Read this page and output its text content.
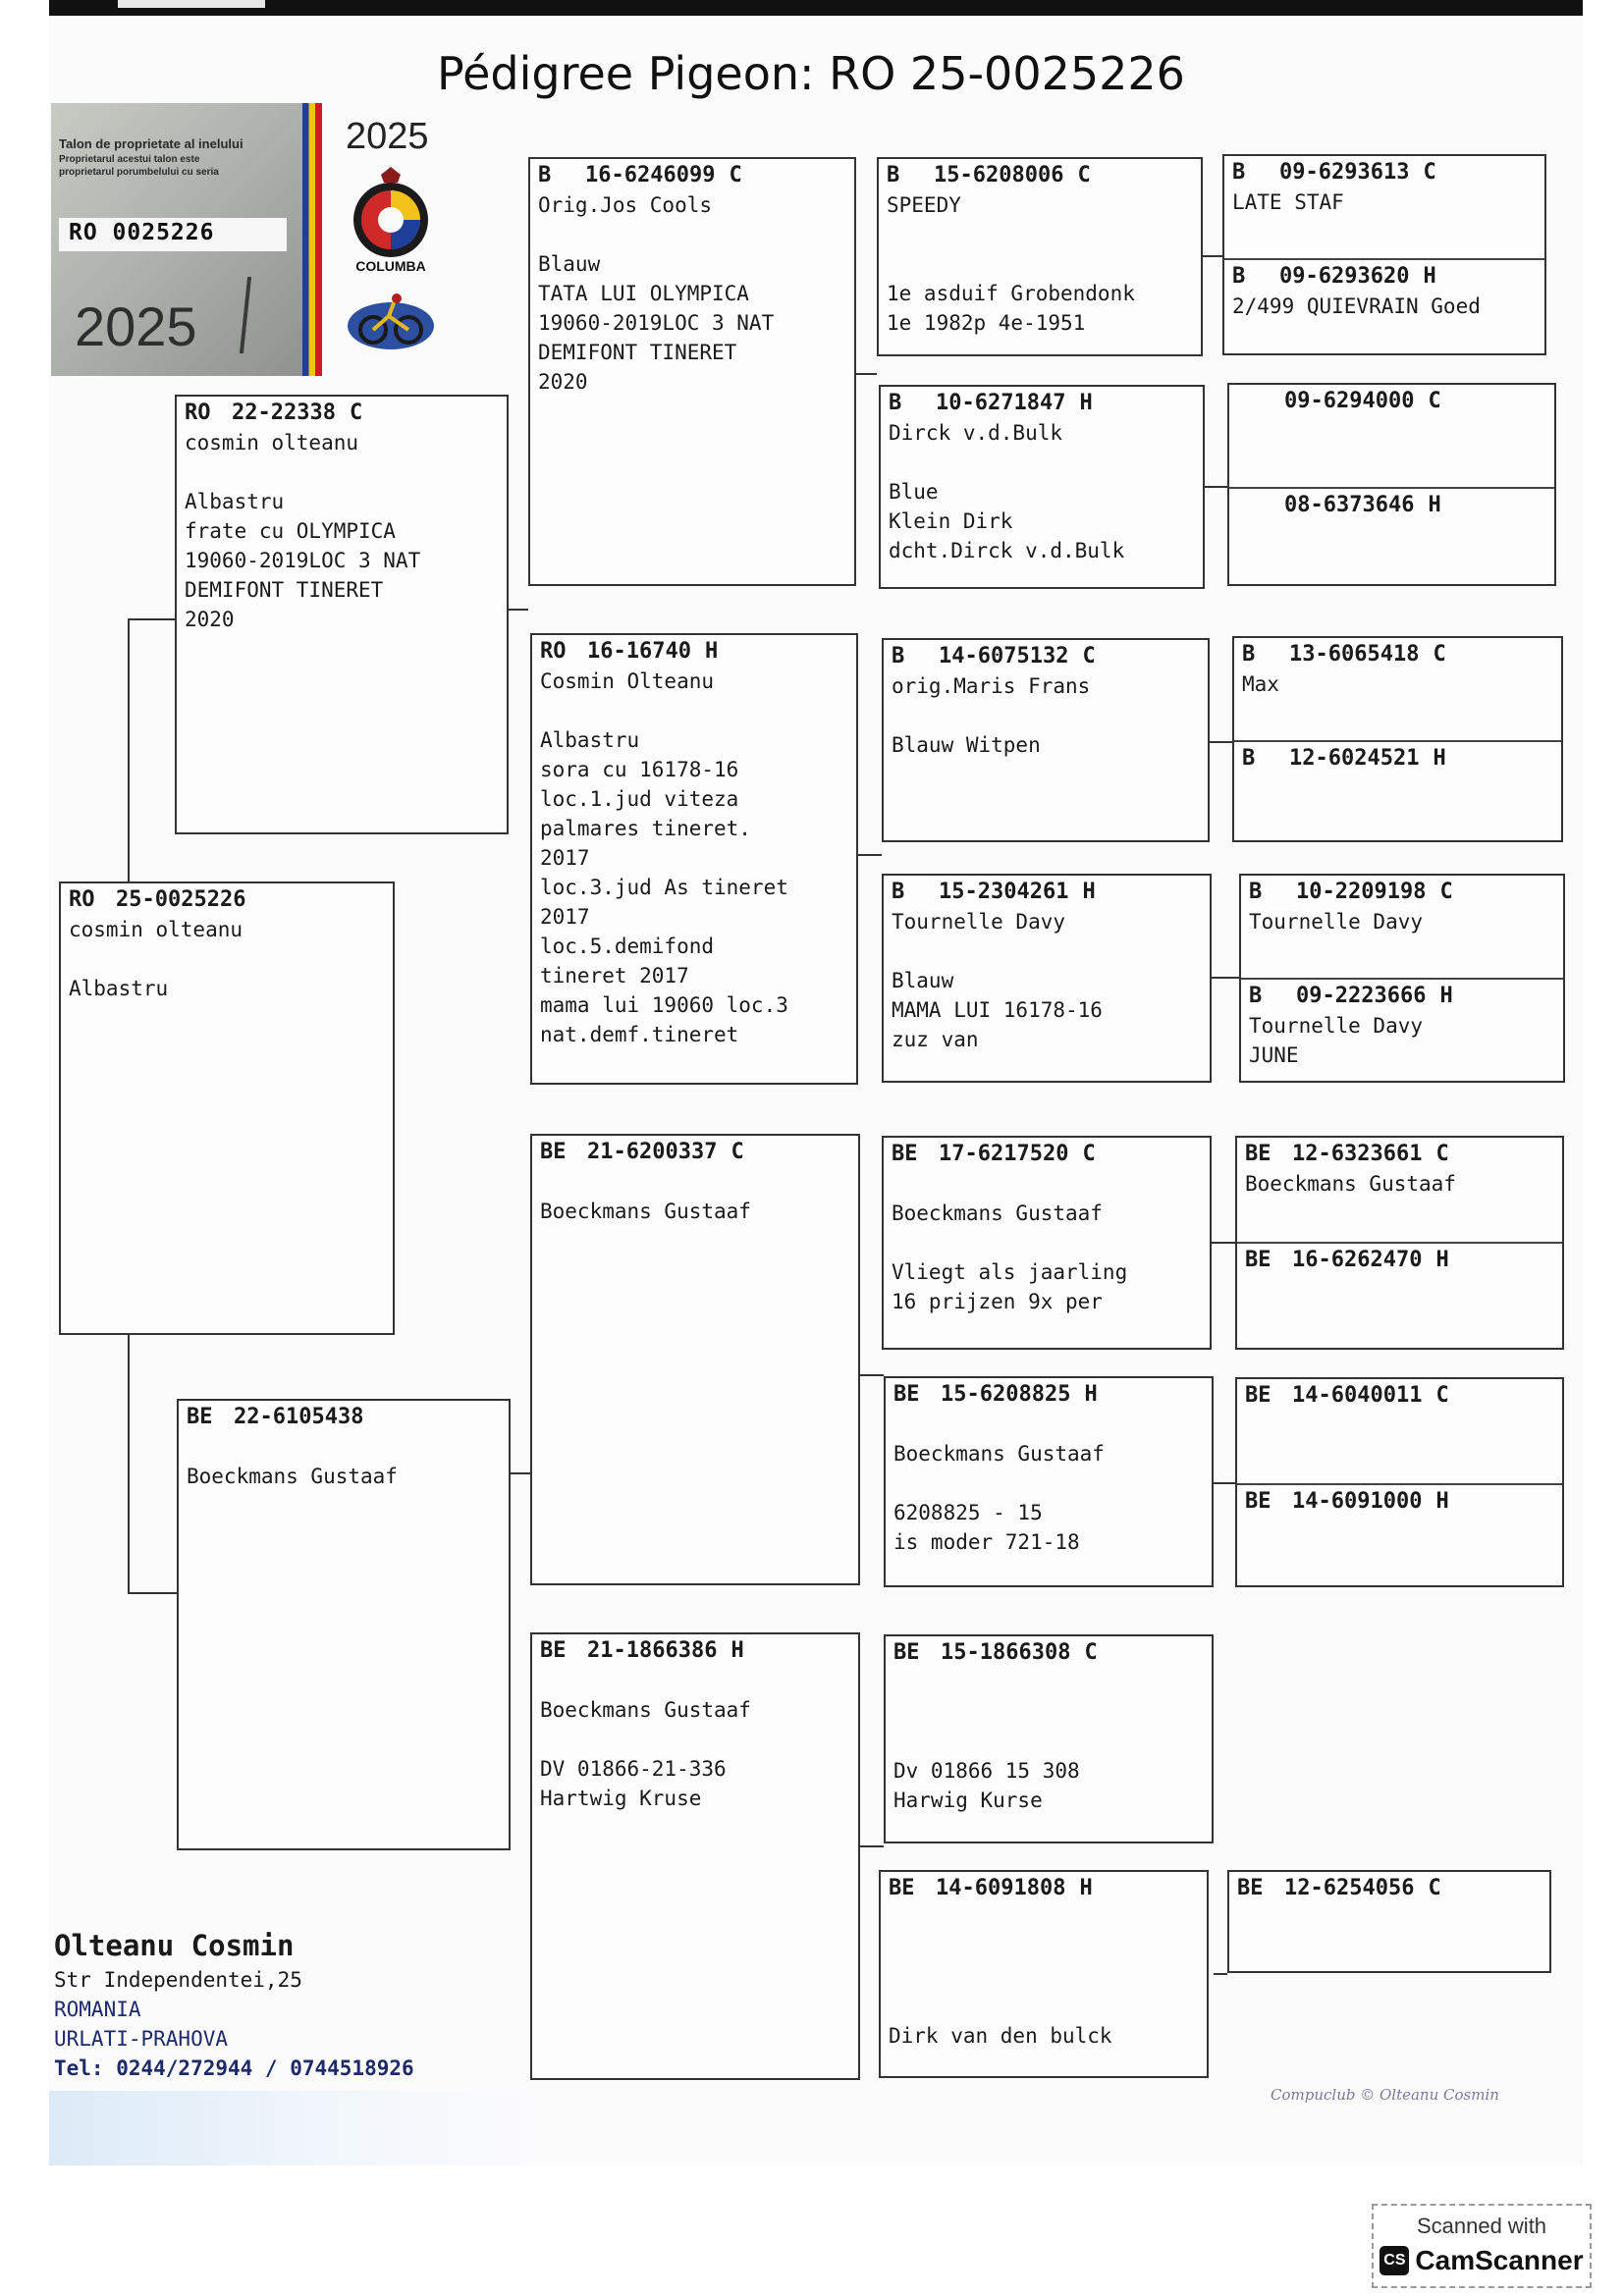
Pédigree Pigeon: RO 25-0025226
Talon de proprietate al inelului
Proprietarul acestui talon este
proprietarul porumbelului cu seria
RO 0025226
2025
2025
COLUMBA
RO 25-0025226
cosmin olteanu

Albastru
RO 22-22338 C
cosmin olteanu

Albastru
frate cu OLYMPICA
19060-2019LOC 3 NAT
DEMIFONT TINERET
2020
BE 22-6105438

Boeckmans Gustaaf
B	16-6246099 C
Orig.Jos Cools

Blauw
TATA LUI OLYMPICA
19060-2019LOC 3 NAT
DEMIFONT TINERET
2020
RO 16-16740 H
Cosmin Olteanu

Albastru
sora cu 16178-16
loc.1.jud viteza
palmares tineret.
2017
loc.3.jud As tineret
2017
loc.5.demifond
tineret 2017
mama lui 19060 loc.3
nat.demf.tineret
BE 21-6200337 C

Boeckmans Gustaaf
BE 21-1866386 H

Boeckmans Gustaaf

DV 01866-21-336
Hartwig Kruse
B	15-6208006 C
SPEEDY

1e asduif Grobendonk
1e 1982p 4e-1951
B	10-6271847 H
Dirck v.d.Bulk

Blue
Klein Dirk
dcht.Dirck v.d.Bulk
B	14-6075132 C
orig.Maris Frans

Blauw Witpen
B	15-2304261 H
Tournelle Davy

Blauw
MAMA LUI 16178-16
zuz van
BE 17-6217520 C

Boeckmans Gustaaf

Vliegt als jaarling
16 prijzen 9x per
BE 15-6208825 H

Boeckmans Gustaaf

6208825 - 15
is moder 721-18
BE 15-1866308 C

Dv 01866 15 308
Harwig Kurse
BE 14-6091808 H

Dirk van den bulck
B	09-6293613 C
LATE STAF
B	09-6293620 H
2/499 QUIEVRAIN Goed
09-6294000 C
08-6373646 H
B	13-6065418 C
Max
B	12-6024521 H
B	10-2209198 C
Tournelle Davy
B	09-2223666 H
Tournelle Davy
JUNE
BE 12-6323661 C
Boeckmans Gustaaf
BE 16-6262470 H
BE 14-6040011 C
BE 14-6091000 H
BE 12-6254056 C
Olteanu Cosmin
Str Independentei,25
ROMANIA
URLATI-PRAHOVA
Tel: 0244/272944 / 0744518926
Compuclub © Olteanu Cosmin
Scanned with
CS CamScanner
